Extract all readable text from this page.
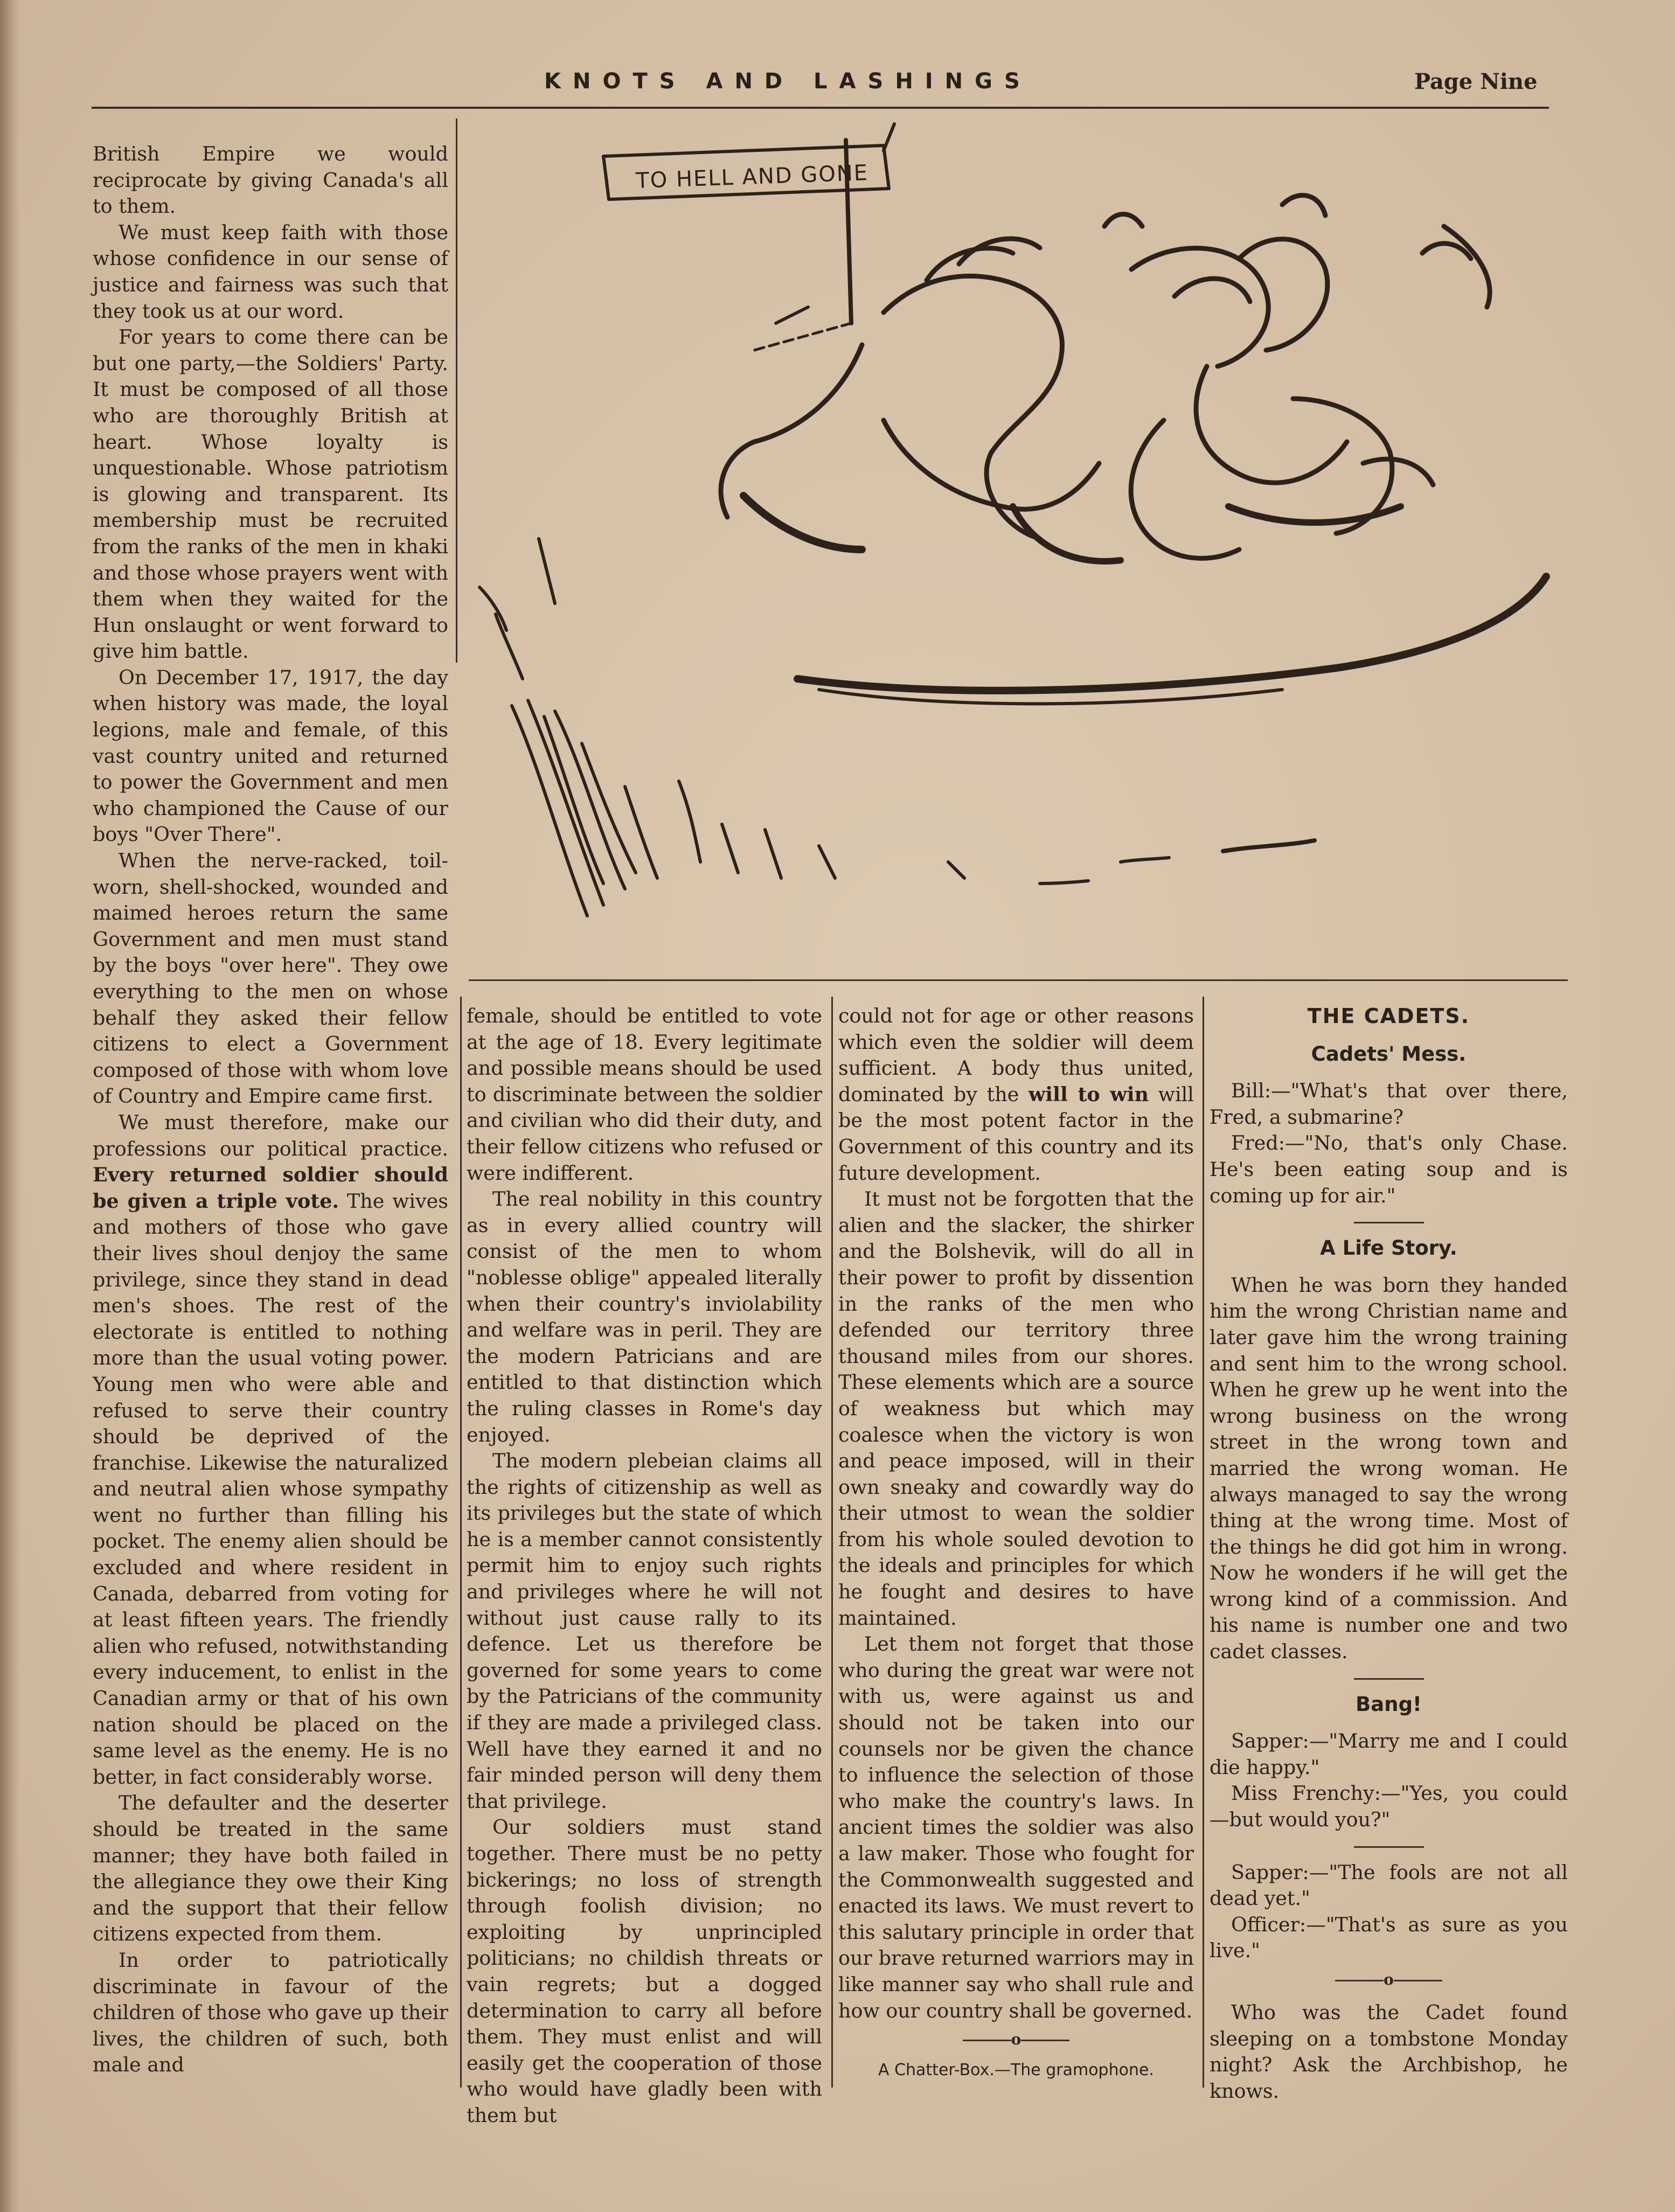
KNOTS AND LASHINGS	Page Nine
TO HELL AND GONE

British Empire we would reciprocate by giving Canada's all to them.

We must keep faith with those whose confidence in our sense of justice and fairness was such that they took us at our word.

For years to come there can be but one party,—the Soldiers' Party. It must be composed of all those who are thoroughly British at heart. Whose loyalty is unquestionable. Whose patriotism is glowing and transparent. Its membership must be recruited from the ranks of the men in khaki and those whose prayers went with them when they waited for the Hun onslaught or went forward to give him battle.

On December 17, 1917, the day when history was made, the loyal legions, male and female, of this vast country united and returned to power the Government and men who championed the Cause of our boys "Over There".

When the nerve-racked, toil-worn, shell-shocked, wounded and maimed heroes return the same Government and men must stand by the boys "over here". They owe everything to the men on whose behalf they asked their fellow citizens to elect a Government composed of those with whom love of Country and Empire came first.

We must therefore, make our professions our political practice. Every returned soldier should be given a triple vote. The wives and mothers of those who gave their lives shoul denjoy the same privilege, since they stand in dead men's shoes. The rest of the electorate is entitled to nothing more than the usual voting power. Young men who were able and refused to serve their country should be deprived of the franchise. Likewise the naturalized and neutral alien whose sympathy went no further than filling his pocket. The enemy alien should be excluded and where resident in Canada, debarred from voting for at least fifteen years. The friendly alien who refused, notwithstanding every inducement, to enlist in the Canadian army or that of his own nation should be placed on the same level as the enemy. He is no better, in fact considerably worse.

The defaulter and the deserter should be treated in the same manner; they have both failed in the allegiance they owe their King and the support that their fellow citizens expected from them.

In order to patriotically discriminate in favour of the children of those who gave up their lives, the children of such, both male and

female, should be entitled to vote at the age of 18. Every legitimate and possible means should be used to discriminate between the soldier and civilian who did their duty, and their fellow citizens who refused or were indifferent.

The real nobility in this country as in every allied country will consist of the men to whom "noblesse oblige" appealed literally when their country's inviolability and welfare was in peril. They are the modern Patricians and are entitled to that distinction which the ruling classes in Rome's day enjoyed.

The modern plebeian claims all the rights of citizenship as well as its privileges but the state of which he is a member cannot consistently permit him to enjoy such rights and privileges where he will not without just cause rally to its defence. Let us therefore be governed for some years to come by the Patricians of the community if they are made a privileged class. Well have they earned it and no fair minded person will deny them that privilege.

Our soldiers must stand together. There must be no petty bickerings; no loss of strength through foolish division; no exploiting by unprincipled politicians; no childish threats or vain regrets; but a dogged determination to carry all before them. They must enlist and will easily get the cooperation of those who would have gladly been with them but

could not for age or other reasons which even the soldier will deem sufficient. A body thus united, dominated by the will to win will be the most potent factor in the Government of this country and its future development.

It must not be forgotten that the alien and the slacker, the shirker and the Bolshevik, will do all in their power to profit by dissention in the ranks of the men who defended our territory three thousand miles from our shores. These elements which are a source of weakness but which may coalesce when the victory is won and peace imposed, will in their own sneaky and cowardly way do their utmost to wean the soldier from his whole souled devotion to the ideals and principles for which he fought and desires to have maintained.

Let them not forget that those who during the great war were not with us, were against us and should not be taken into our counsels nor be given the chance to influence the selection of those who make the country's laws. In ancient times the soldier was also a law maker. Those who fought for the Commonwealth suggested and enacted its laws. We must revert to this salutary principle in order that our brave returned warriors may in like manner say who shall rule and how our country shall be governed.

o

A Chatter-Box.—The gramophone.

THE CADETS.
Cadets' Mess.

Bill:—"What's that over there, Fred, a submarine?

Fred:—"No, that's only Chase. He's been eating soup and is coming up for air."

A Life Story.

When he was born they handed him the wrong Christian name and later gave him the wrong training and sent him to the wrong school. When he grew up he went into the wrong business on the wrong street in the wrong town and married the wrong woman. He always managed to say the wrong thing at the wrong time. Most of the things he did got him in wrong. Now he wonders if he will get the wrong kind of a commission. And his name is number one and two cadet classes.

Bang!

Sapper:—"Marry me and I could die happy."

Miss Frenchy:—"Yes, you could —but would you?"

Sapper:—"The fools are not all dead yet."

Officer:—"That's as sure as you live."

o

Who was the Cadet found sleeping on a tombstone Monday night? Ask the Archbishop, he knows.
